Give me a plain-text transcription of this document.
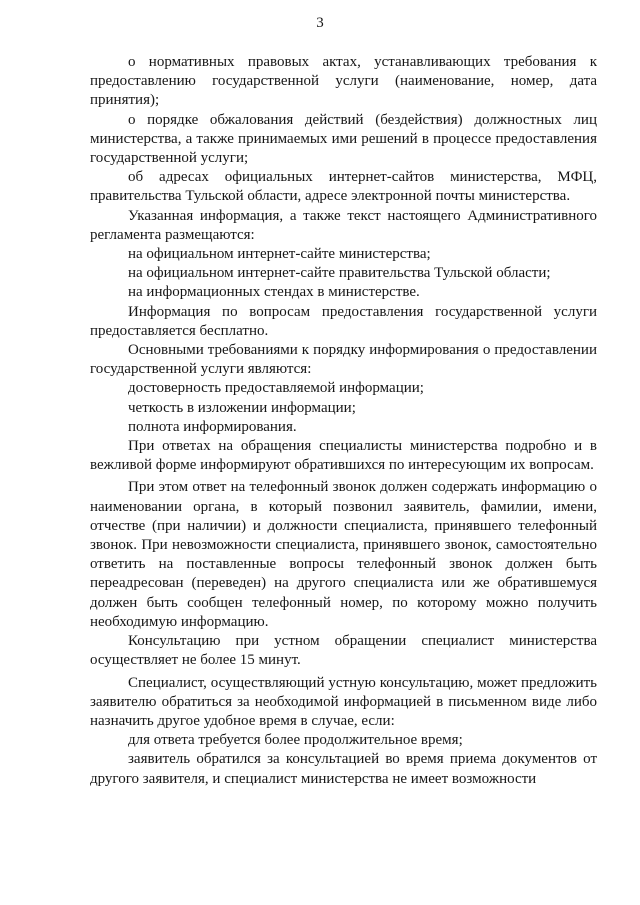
3

о нормативных правовых актах, устанавливающих требования к предоставлению государственной услуги (наименование, номер, дата принятия);

о порядке обжалования действий (бездействия) должностных лиц министерства, а также принимаемых ими решений в процессе предоставления государственной услуги;

об адресах официальных интернет-сайтов министерства, МФЦ, правительства Тульской области, адресе электронной почты министерства.

Указанная информация, а также текст настоящего Административного регламента размещаются:

на официальном интернет-сайте министерства;

на официальном интернет-сайте правительства Тульской области;

на информационных стендах в министерстве.

Информация по вопросам предоставления государственной услуги предоставляется бесплатно.

Основными требованиями к порядку информирования о предоставлении государственной услуги являются:

достоверность предоставляемой информации;

четкость в изложении информации;

полнота информирования.

При ответах на обращения специалисты министерства подробно и в вежливой форме информируют обратившихся по интересующим их вопросам.

При этом ответ на телефонный звонок должен содержать информацию о наименовании органа, в который позвонил заявитель, фамилии, имени, отчестве (при наличии) и должности специалиста, принявшего телефонный звонок. При невозможности специалиста, принявшего звонок, самостоятельно ответить на поставленные вопросы телефонный звонок должен быть переадресован (переведен) на другого специалиста или же обратившемуся должен быть сообщен телефонный номер, по которому можно получить необходимую информацию.

Консультацию при устном обращении специалист министерства осуществляет не более 15 минут.

Специалист, осуществляющий устную консультацию, может предложить заявителю обратиться за необходимой информацией в письменном виде либо назначить другое удобное время в случае, если:

для ответа требуется более продолжительное время;

заявитель обратился за консультацией во время приема документов от другого заявителя, и специалист министерства не имеет возможности
